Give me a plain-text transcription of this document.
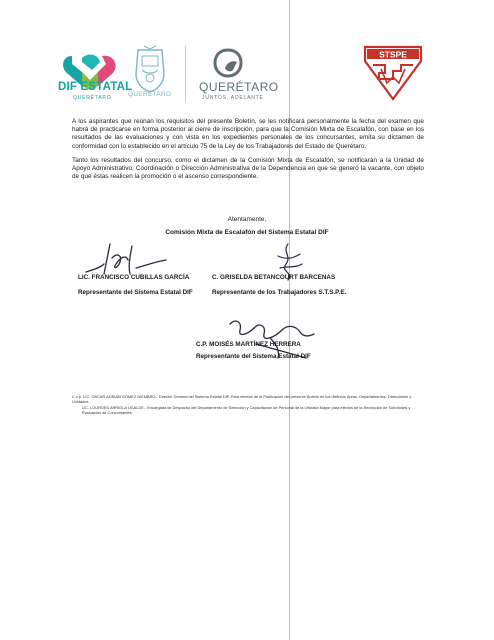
DIF ESTATAL
QUERÉTARO	QUERÉTARO
QUERÉTARO
JUNTOS, ADELANTE
STSPE

A los aspirantes que reúnan los requisitos del presente Boletín, se les notificará personalmente la fecha del examen que habrá de practicarse en forma posterior al cierre de inscripción, para que la Comisión Mixta de Escalafón, con base en los resultados de las evaluaciones y con vista en los expedientes personales de los concursantes, emita su dictamen de conformidad con lo establecido en el artículo 75 de la Ley de los Trabajadores del Estado de Querétaro.

Tanto los resultados del concurso, como el dictamen de la Comisión Mixta de Escalafón, se notificarán a la Unidad de Apoyo Administrativo, Coordinación o Dirección Administrativa de la Dependencia en que se generó la vacante, con objeto de que éstas realicen la promoción o el ascenso correspondiente.

Atentamente,
Comisión Mixta de Escalafón del Sistema Estatal DIF
LIC. FRANCISCO CUBILLAS GARCÍA
Representante del Sistema Estatal DIF
C. GRISELDA BETANCOURT BARCENAS
Representante de los Trabajadores S.T.S.P.E.
C.P. MOISÉS MARTÍNEZ HERRERA
Representante del Sistema Estatal DIF

C.c.p. LIC. OSCAR ADRIÁN GÓMEZ NIEMBRO.- Director General del Sistema Estatal DIF. Para efectos de la Publicación del presente Boletín en los distintos Áreas, Departamentos, Direcciones y Unidades.

LIC. LOURDES ARRIOLA UGALDE.- Encargada de Despacho del Departamento de Selección y Capacitación de Personal de la Oficialía Mayor para efectos de la Recepción de Solicitudes y Evaluación de Concursantes.
